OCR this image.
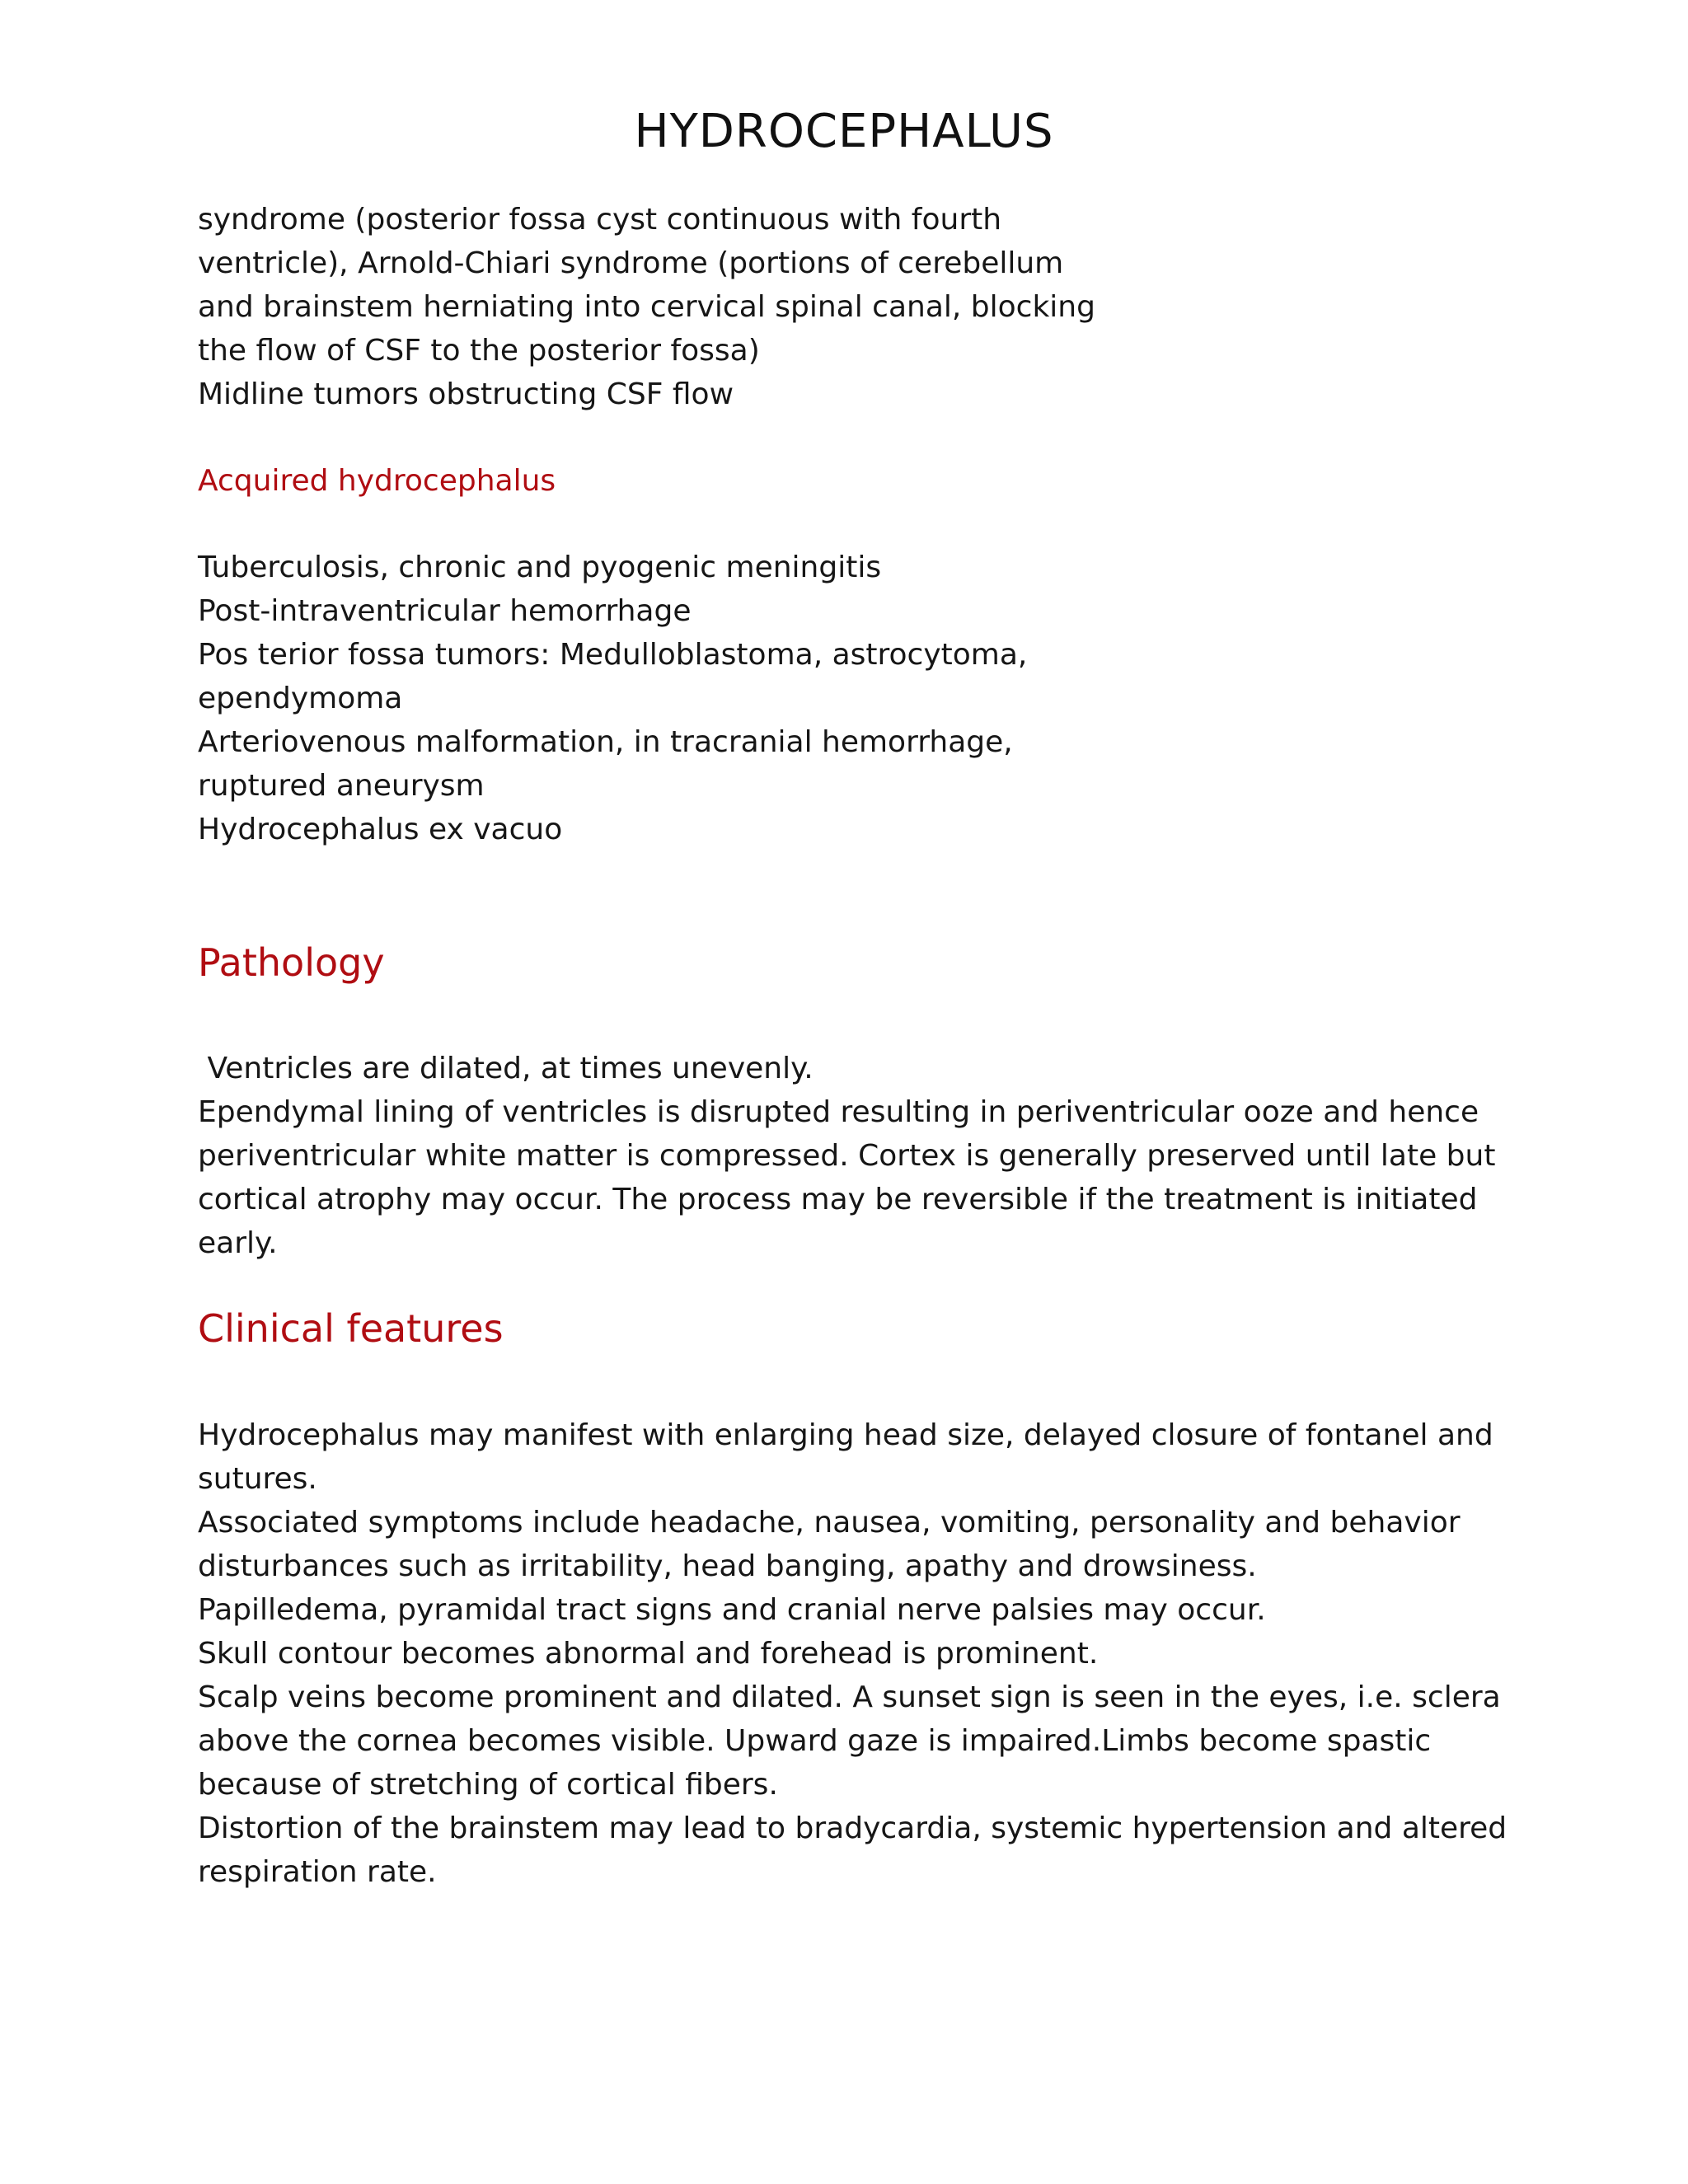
HYDROCEPHALUS
syndrome (posterior fossa cyst continuous with fourth
ventricle), Arnold-Chiari syndrome (portions of cerebellum
and brainstem herniating into cervical spinal canal, blocking
the flow of CSF to the posterior fossa)
Midline tumors obstructing CSF flow
Acquired hydrocephalus
Tuberculosis, chronic and pyogenic meningitis
Post-intraventricular hemorrhage
Pos terior fossa tumors: Medulloblastoma, astrocytoma,
ependymoma
Arteriovenous malformation, in tracranial hemorrhage,
ruptured aneurysm
Hydrocephalus ex vacuo
Pathology
Ventricles are dilated, at times unevenly.
Ependymal lining of ventricles is disrupted resulting in periventricular ooze and hence
periventricular white matter is compressed. Cortex is generally preserved until late but
cortical atrophy may occur. The process may be reversible if the treatment is initiated
early.
Clinical features
Hydrocephalus may manifest with enlarging head size, delayed closure of fontanel and
sutures.
Associated symptoms include headache, nausea, vomiting, personality and behavior
disturbances such as irritability, head banging, apathy and drowsiness.
Papilledema, pyramidal tract signs and cranial nerve palsies may occur.
Skull contour becomes abnormal and forehead is prominent.
Scalp veins become prominent and dilated. A sunset sign is seen in the eyes, i.e. sclera
above the cornea becomes visible. Upward gaze is impaired.Limbs become spastic
because of stretching of cortical fibers.
Distortion of the brainstem may lead to bradycardia, systemic hypertension and altered
respiration rate.
